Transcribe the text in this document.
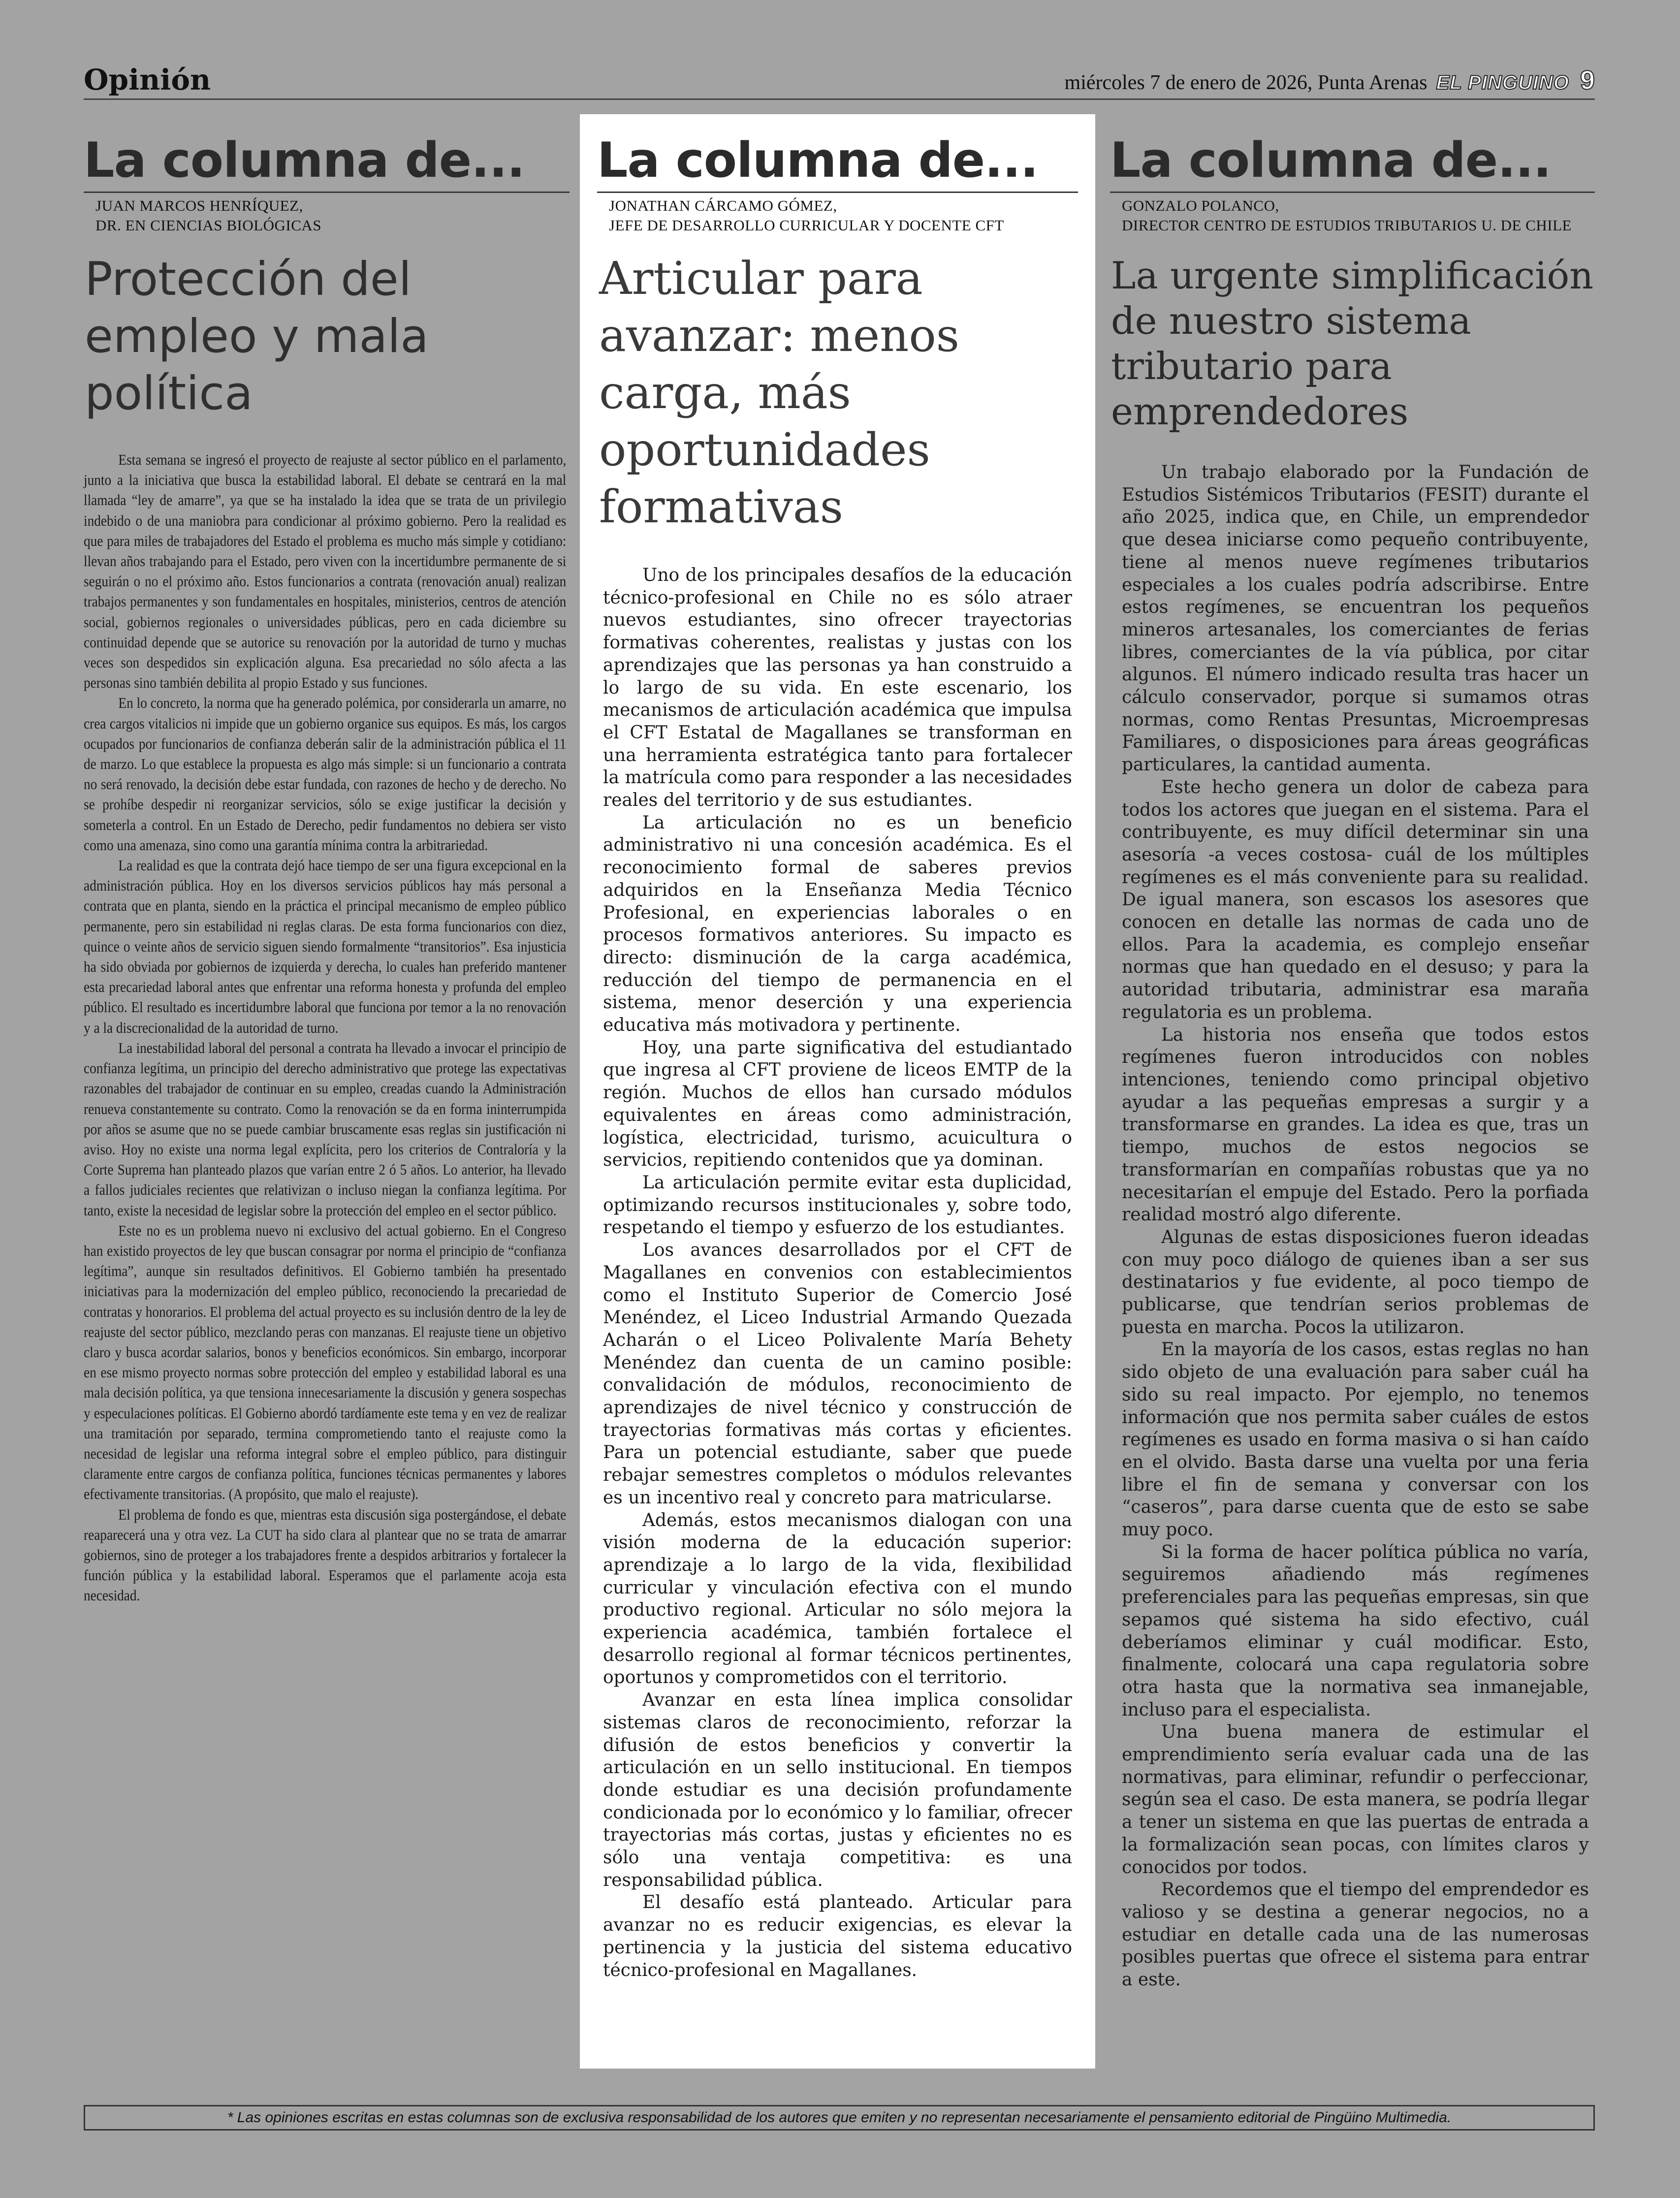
Opinión	miércoles 7 de enero de 2026, Punta Arenas EL PINGUINO 9
La columna de...
JUAN MARCOS HENRÍQUEZ,
DR. EN CIENCIAS BIOLÓGICAS
Protección del empleo y mala política

Esta semana se ingresó el proyecto de reajuste al sector público en el parlamento, junto a la iniciativa que busca la estabilidad laboral. El debate se centrará en la mal llamada “ley de amarre”, ya que se ha instalado la idea que se trata de un privilegio indebido o de una maniobra para condicionar al próximo gobierno. Pero la realidad es que para miles de trabajadores del Estado el problema es mucho más simple y cotidiano: llevan años trabajando para el Estado, pero viven con la incertidumbre permanente de si seguirán o no el próximo año. Estos funcionarios a contrata (renovación anual) realizan trabajos permanentes y son fundamentales en hospitales, ministerios, centros de atención social, gobiernos regionales o universidades públicas, pero en cada diciembre su continuidad depende que se autorice su renovación por la autoridad de turno y muchas veces son despedidos sin explicación alguna. Esa precariedad no sólo afecta a las personas sino también debilita al propio Estado y sus funciones.

En lo concreto, la norma que ha generado polémica, por considerarla un amarre, no crea cargos vitalicios ni impide que un gobierno organice sus equipos. Es más, los cargos ocupados por funcionarios de confianza deberán salir de la administración pública el 11 de marzo. Lo que establece la propuesta es algo más simple: si un funcionario a contrata no será renovado, la decisión debe estar fundada, con razones de hecho y de derecho. No se prohíbe despedir ni reorganizar servicios, sólo se exige justificar la decisión y someterla a control. En un Estado de Derecho, pedir fundamentos no debiera ser visto como una amenaza, sino como una garantía mínima contra la arbitrariedad.

La realidad es que la contrata dejó hace tiempo de ser una figura excepcional en la administración pública. Hoy en los diversos servicios públicos hay más personal a contrata que en planta, siendo en la práctica el principal mecanismo de empleo público permanente, pero sin estabilidad ni reglas claras. De esta forma funcionarios con diez, quince o veinte años de servicio siguen siendo formalmente “transitorios”. Esa injusticia ha sido obviada por gobiernos de izquierda y derecha, lo cuales han preferido mantener esta precariedad laboral antes que enfrentar una reforma honesta y profunda del empleo público. El resultado es incertidumbre laboral que funciona por temor a la no renovación y a la discrecionalidad de la autoridad de turno.

La inestabilidad laboral del personal a contrata ha llevado a invocar el principio de confianza legítima, un principio del derecho administrativo que protege las expectativas razonables del trabajador de continuar en su empleo, creadas cuando la Administración renueva constantemente su contrato. Como la renovación se da en forma ininterrumpida por años se asume que no se puede cambiar bruscamente esas reglas sin justificación ni aviso. Hoy no existe una norma legal explícita, pero los criterios de Contraloría y la Corte Suprema han planteado plazos que varían entre 2 ó 5 años. Lo anterior, ha llevado a fallos judiciales recientes que relativizan o incluso niegan la confianza legítima. Por tanto, existe la necesidad de legislar sobre la protección del empleo en el sector público.

Este no es un problema nuevo ni exclusivo del actual gobierno. En el Congreso han existido proyectos de ley que buscan consagrar por norma el principio de “confianza legítima”, aunque sin resultados definitivos. El Gobierno también ha presentado iniciativas para la modernización del empleo público, reconociendo la precariedad de contratas y honorarios. El problema del actual proyecto es su inclusión dentro de la ley de reajuste del sector público, mezclando peras con manzanas. El reajuste tiene un objetivo claro y busca acordar salarios, bonos y beneficios económicos. Sin embargo, incorporar en ese mismo proyecto normas sobre protección del empleo y estabilidad laboral es una mala decisión política, ya que tensiona innecesariamente la discusión y genera sospechas y especulaciones políticas. El Gobierno abordó tardíamente este tema y en vez de realizar una tramitación por separado, termina comprometiendo tanto el reajuste como la necesidad de legislar una reforma integral sobre el empleo público, para distinguir claramente entre cargos de confianza política, funciones técnicas permanentes y labores efectivamente transitorias. (A propósito, que malo el reajuste).

El problema de fondo es que, mientras esta discusión siga postergándose, el debate reaparecerá una y otra vez. La CUT ha sido clara al plantear que no se trata de amarrar gobiernos, sino de proteger a los trabajadores frente a despidos arbitrarios y fortalecer la función pública y la estabilidad laboral. Esperamos que el parlamente acoja esta necesidad.

La columna de...
JONATHAN CÁRCAMO GÓMEZ,
JEFE DE DESARROLLO CURRICULAR Y DOCENTE CFT
Articular para avanzar: menos carga, más oportunidades formativas

Uno de los principales desafíos de la educación técnico-profesional en Chile no es sólo atraer nuevos estudiantes, sino ofrecer trayectorias formativas coherentes, realistas y justas con los aprendizajes que las personas ya han construido a lo largo de su vida. En este escenario, los mecanismos de articulación académica que impulsa el CFT Estatal de Magallanes se transforman en una herramienta estratégica tanto para fortalecer la matrícula como para responder a las necesidades reales del territorio y de sus estudiantes.

La articulación no es un beneficio administrativo ni una concesión académica. Es el reconocimiento formal de saberes previos adquiridos en la Enseñanza Media Técnico Profesional, en experiencias laborales o en procesos formativos anteriores. Su impacto es directo: disminución de la carga académica, reducción del tiempo de permanencia en el sistema, menor deserción y una experiencia educativa más motivadora y pertinente.

Hoy, una parte significativa del estudiantado que ingresa al CFT proviene de liceos EMTP de la región. Muchos de ellos han cursado módulos equivalentes en áreas como administración, logística, electricidad, turismo, acuicultura o servicios, repitiendo contenidos que ya dominan.

La articulación permite evitar esta duplicidad, optimizando recursos institucionales y, sobre todo, respetando el tiempo y esfuerzo de los estudiantes.

Los avances desarrollados por el CFT de Magallanes en convenios con establecimientos como el Instituto Superior de Comercio José Menéndez, el Liceo Industrial Armando Quezada Acharán o el Liceo Polivalente María Behety Menéndez dan cuenta de un camino posible: convalidación de módulos, reconocimiento de aprendizajes de nivel técnico y construcción de trayectorias formativas más cortas y eficientes. Para un potencial estudiante, saber que puede rebajar semestres completos o módulos relevantes es un incentivo real y concreto para matricularse.

Además, estos mecanismos dialogan con una visión moderna de la educación superior: aprendizaje a lo largo de la vida, flexibilidad curricular y vinculación efectiva con el mundo productivo regional. Articular no sólo mejora la experiencia académica, también fortalece el desarrollo regional al formar técnicos pertinentes, oportunos y comprometidos con el territorio.

Avanzar en esta línea implica consolidar sistemas claros de reconocimiento, reforzar la difusión de estos beneficios y convertir la articulación en un sello institucional. En tiempos donde estudiar es una decisión profundamente condicionada por lo económico y lo familiar, ofrecer trayectorias más cortas, justas y eficientes no es sólo una ventaja competitiva: es una responsabilidad pública.

El desafío está planteado. Articular para avanzar no es reducir exigencias, es elevar la pertinencia y la justicia del sistema educativo técnico-profesional en Magallanes.

La columna de...
GONZALO POLANCO,
DIRECTOR CENTRO DE ESTUDIOS TRIBUTARIOS U. DE CHILE
La urgente simplificación de nuestro sistema tributario para emprendedores

Un trabajo elaborado por la Fundación de Estudios Sistémicos Tributarios (FESIT) durante el año 2025, indica que, en Chile, un emprendedor que desea iniciarse como pequeño contribuyente, tiene al menos nueve regímenes tributarios especiales a los cuales podría adscribirse. Entre estos regímenes, se encuentran los pequeños mineros artesanales, los comerciantes de ferias libres, comerciantes de la vía pública, por citar algunos. El número indicado resulta tras hacer un cálculo conservador, porque si sumamos otras normas, como Rentas Presuntas, Microempresas Familiares, o disposiciones para áreas geográficas particulares, la cantidad aumenta.

Este hecho genera un dolor de cabeza para todos los actores que juegan en el sistema. Para el contribuyente, es muy difícil determinar sin una asesoría -a veces costosa- cuál de los múltiples regímenes es el más conveniente para su realidad. De igual manera, son escasos los asesores que conocen en detalle las normas de cada uno de ellos. Para la academia, es complejo enseñar normas que han quedado en el desuso; y para la autoridad tributaria, administrar esa maraña regulatoria es un problema.

La historia nos enseña que todos estos regímenes fueron introducidos con nobles intenciones, teniendo como principal objetivo ayudar a las pequeñas empresas a surgir y a transformarse en grandes. La idea es que, tras un tiempo, muchos de estos negocios se transformarían en compañías robustas que ya no necesitarían el empuje del Estado. Pero la porfiada realidad mostró algo diferente.

Algunas de estas disposiciones fueron ideadas con muy poco diálogo de quienes iban a ser sus destinatarios y fue evidente, al poco tiempo de publicarse, que tendrían serios problemas de puesta en marcha. Pocos la utilizaron.

En la mayoría de los casos, estas reglas no han sido objeto de una evaluación para saber cuál ha sido su real impacto. Por ejemplo, no tenemos información que nos permita saber cuáles de estos regímenes es usado en forma masiva o si han caído en el olvido. Basta darse una vuelta por una feria libre el fin de semana y conversar con los “caseros”, para darse cuenta que de esto se sabe muy poco.

Si la forma de hacer política pública no varía, seguiremos añadiendo más regímenes preferenciales para las pequeñas empresas, sin que sepamos qué sistema ha sido efectivo, cuál deberíamos eliminar y cuál modificar. Esto, finalmente, colocará una capa regulatoria sobre otra hasta que la normativa sea inmanejable, incluso para el especialista.

Una buena manera de estimular el emprendimiento sería evaluar cada una de las normativas, para eliminar, refundir o perfeccionar, según sea el caso. De esta manera, se podría llegar a tener un sistema en que las puertas de entrada a la formalización sean pocas, con límites claros y conocidos por todos.

Recordemos que el tiempo del emprendedor es valioso y se destina a generar negocios, no a estudiar en detalle cada una de las numerosas posibles puertas que ofrece el sistema para entrar a este.

* Las opiniones escritas en estas columnas son de exclusiva responsabilidad de los autores que emiten y no representan necesariamente el pensamiento editorial de Pingüino Multimedia.
